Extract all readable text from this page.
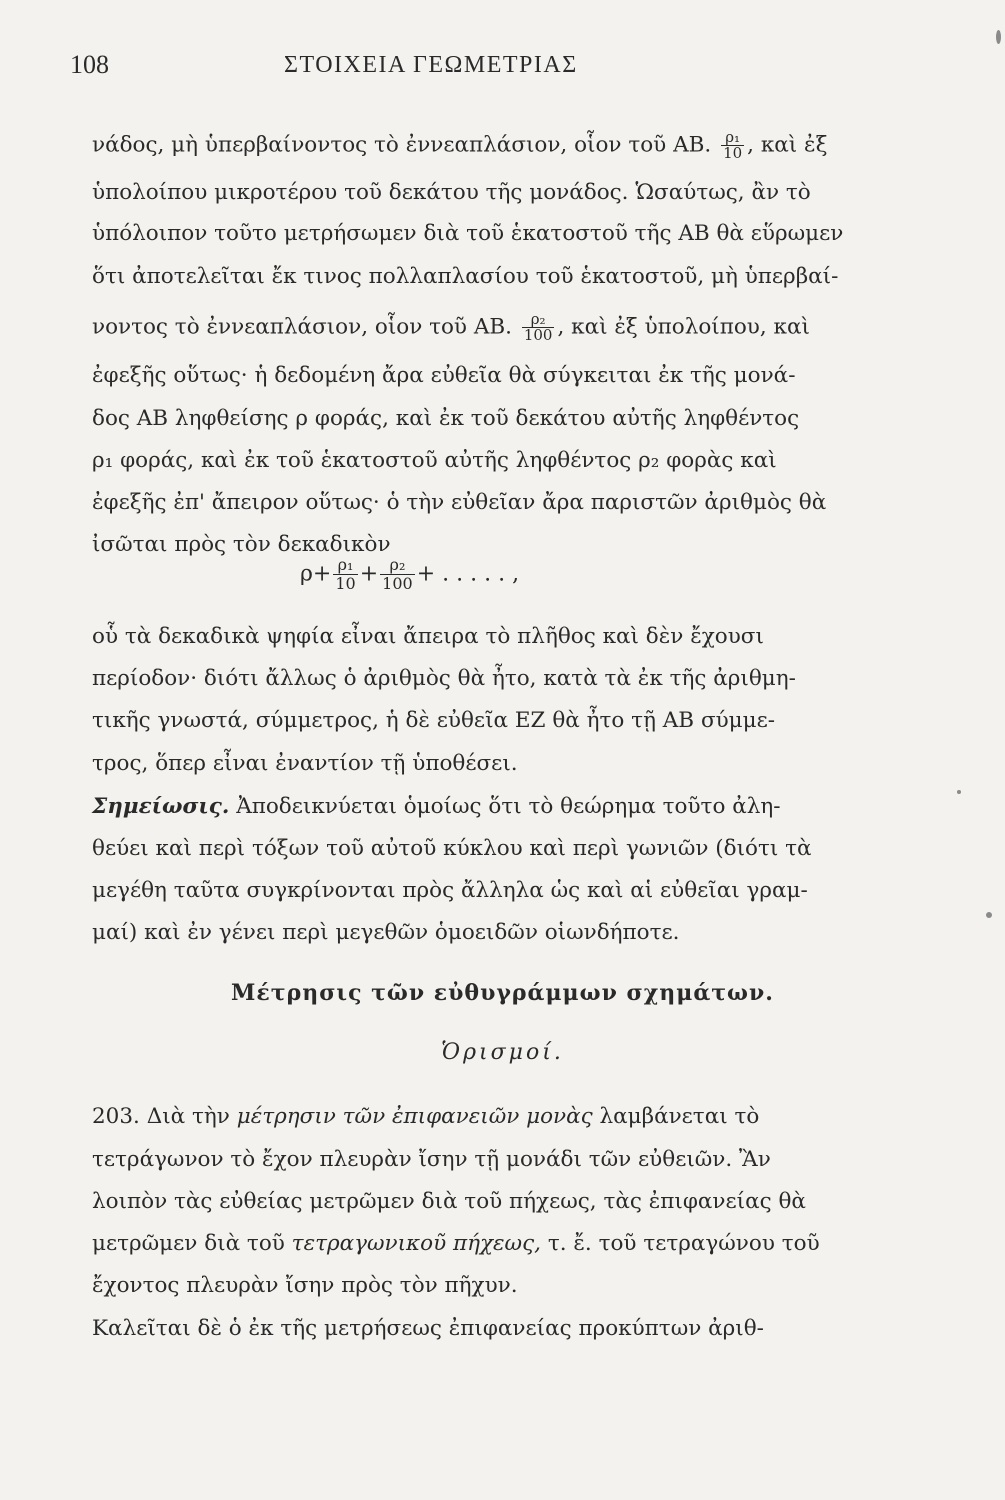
108	ΣΤΟΙΧΕΙΑ ΓΕΩΜΕΤΡΙΑΣ
νάδος, μὴ ὑπερβαίνοντος τὸ ἐννεαπλάσιον, οἷον τοῦ ΑΒ. $\frac{\text{ρ₁}}{10}$ , καὶ ἐξ
ὑπολοίπου μικροτέρου τοῦ δεκάτου τῆς μονάδος. Ὡσαύτως, ἂν τὸ
ὑπόλοιπον τοῦτο μετρήσωμεν διὰ τοῦ ἑκατοστοῦ τῆς ΑΒ θὰ εὕρωμεν
ὅτι ἀποτελεῖται ἔκ τινος πολλαπλασίου τοῦ ἑκατοστοῦ, μὴ ὑπερβαί-
νοντος τὸ ἐννεαπλάσιον, οἷον τοῦ ΑΒ. $\frac{\text{ρ₂}}{100}$ , καὶ ἐξ ὑπολοίπου, καὶ
ἐφεξῆς οὕτως· ἡ δεδομένη ἄρα εὐθεῖα θὰ σύγκειται ἐκ τῆς μονά-
δος ΑΒ ληφθείσης ρ φοράς, καὶ ἐκ τοῦ δεκάτου αὐτῆς ληφθέντος
ρ₁ φοράς, καὶ ἐκ τοῦ ἑκατοστοῦ αὐτῆς ληφθέντος ρ₂ φορὰς καὶ
ἐφεξῆς ἐπ' ἄπειρον οὕτως· ὁ τὴν εὐθεῖαν ἄρα παριστῶν ἀριθμὸς θὰ
ἰσῶται πρὸς τὸν δεκαδικὸν
$\rho+ \frac{\text{ρ₁}}{10} + \frac{\text{ρ₂}}{100}$ + . . . . . ,
οὗ τὰ δεκαδικὰ ψηφία εἶναι ἄπειρα τὸ πλῆθος καὶ δὲν ἔχουσι
περίοδον· διότι ἄλλως ὁ ἀριθμὸς θὰ ἦτο, κατὰ τὰ ἐκ τῆς ἀριθμη-
τικῆς γνωστά, σύμμετρος, ἡ δὲ εὐθεῖα ΕΖ θὰ ἦτο τῇ ΑΒ σύμμε-
τρος, ὅπερ εἶναι ἐναντίον τῇ ὑποθέσει.
Σημείωσις. Ἀποδεικνύεται ὁμοίως ὅτι τὸ θεώρημα τοῦτο ἀλη-
θεύει καὶ περὶ τόξων τοῦ αὐτοῦ κύκλου καὶ περὶ γωνιῶν (διότι τὰ
μεγέθη ταῦτα συγκρίνονται πρὸς ἄλληλα ὡς καὶ αἱ εὐθεῖαι γραμ-
μαί) καὶ ἐν γένει περὶ μεγεθῶν ὁμοειδῶν οἱωνδήποτε.
Μέτρησις τῶν εὐθυγράμμων σχημάτων.
Ὁρισμοί.
203. Διὰ τὴν μέτρησιν τῶν ἐπιφανειῶν μονὰς λαμβάνεται τὸ
τετράγωνον τὸ ἔχον πλευρὰν ἴσην τῇ μονάδι τῶν εὐθειῶν. Ἂν
λοιπὸν τὰς εὐθείας μετρῶμεν διὰ τοῦ πήχεως, τὰς ἐπιφανείας θὰ
μετρῶμεν διὰ τοῦ τετραγωνικοῦ πήχεως, τ. ἔ. τοῦ τετραγώνου τοῦ
ἔχοντος πλευρὰν ἴσην πρὸς τὸν πῆχυν.
Καλεῖται δὲ ὁ ἐκ τῆς μετρήσεως ἐπιφανείας προκύπτων ἀριθ-
